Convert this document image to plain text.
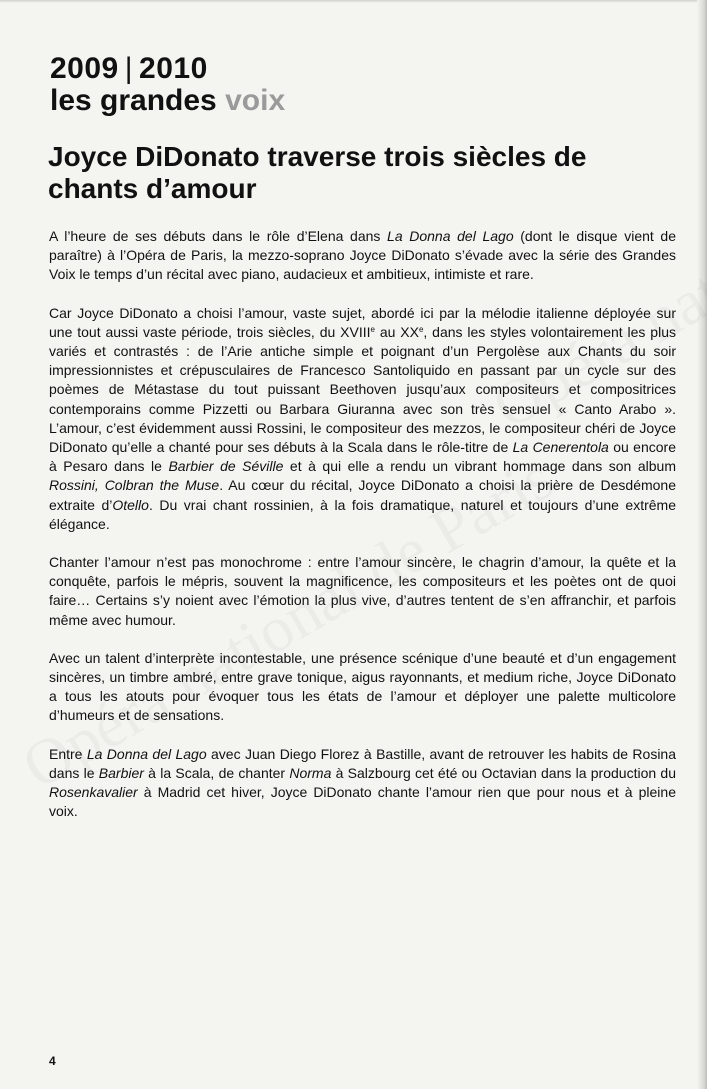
2009 | 2010
les grandes voix
Joyce DiDonato traverse trois siècles de chants d’amour

A l’heure de ses débuts dans le rôle d’Elena dans La Donna del Lago (dont le disque vient de paraître) à l’Opéra de Paris, la mezzo-soprano Joyce DiDonato s’évade avec la série des Grandes Voix le temps d’un récital avec piano, audacieux et ambitieux, intimiste et rare.

Car Joyce DiDonato a choisi l’amour, vaste sujet, abordé ici par la mélodie italienne déployée sur une tout aussi vaste période, trois siècles, du XVIIIe au XXe, dans les styles volontairement les plus variés et contrastés : de l’Arie antiche simple et poignant d’un Pergolèse aux Chants du soir impressionnistes et crépusculaires de Francesco Santoliquido en passant par un cycle sur des poèmes de Métastase du tout puissant Beethoven jusqu’aux compositeurs et compositrices contemporains comme Pizzetti ou Barbara Giuranna avec son très sensuel « Canto Arabo ». L’amour, c’est évidemment aussi Rossini, le compositeur des mezzos, le compositeur chéri de Joyce DiDonato qu’elle a chanté pour ses débuts à la Scala dans le rôle-titre de La Cenerentola ou encore à Pesaro dans le Barbier de Séville et à qui elle a rendu un vibrant hommage dans son album Rossini, Colbran the Muse. Au cœur du récital, Joyce DiDonato a choisi la prière de Desdémone extraite d’Otello. Du vrai chant rossinien, à la fois dramatique, naturel et toujours d’une extrême élégance.

Chanter l’amour n’est pas monochrome : entre l’amour sincère, le chagrin d’amour, la quête et la conquête, parfois le mépris, souvent la magnificence, les compositeurs et les poètes ont de quoi faire… Certains s’y noient avec l’émotion la plus vive, d’autres tentent de s’en affranchir, et parfois même avec humour.

Avec un talent d’interprète incontestable, une présence scénique d’une beauté et d’un engagement sincères, un timbre ambré, entre grave tonique, aigus rayonnants, et medium riche, Joyce DiDonato a tous les atouts pour évoquer tous les états de l’amour et déployer une palette multicolore d’humeurs et de sensations.

Entre La Donna del Lago avec Juan Diego Florez à Bastille, avant de retrouver les habits de Rosina dans le Barbier à la Scala, de chanter Norma à Salzbourg cet été ou Octavian dans la production du Rosenkavalier à Madrid cet hiver, Joyce DiDonato chante l’amour rien que pour nous et à pleine voix.

4
